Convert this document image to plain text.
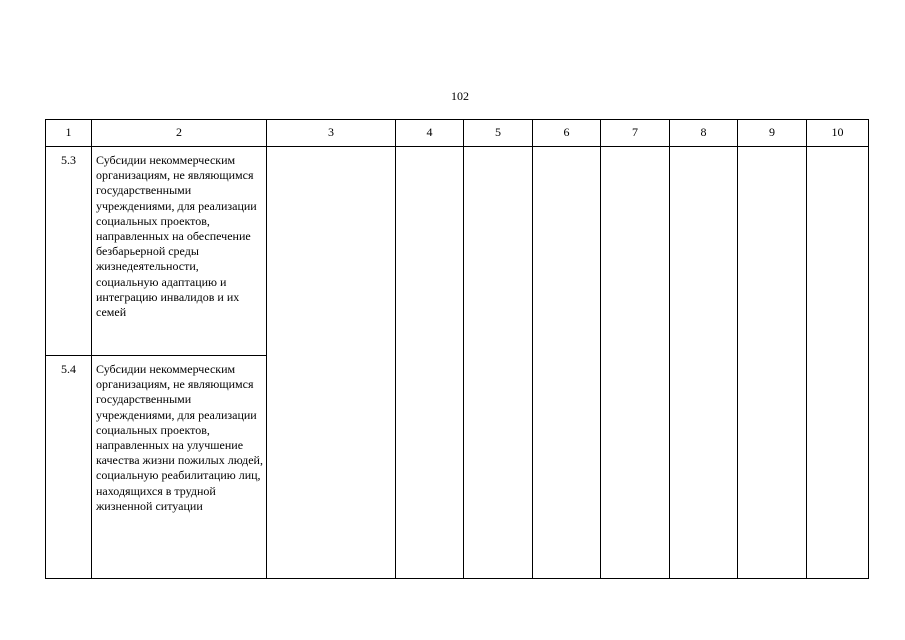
102
1	2	3	4	5	6	7	8	9	10
5.3	Субсидии некоммерческим организациям, не являющимся государственными учреждениями, для реализации социальных проектов, направленных на обеспечение безбарьерной среды жизнедеятельности, социальную адаптацию и интеграцию инвалидов и их семей								
5.4	Субсидии некоммерческим организациям, не являющимся государственными учреждениями, для реализации социальных проектов, направленных на улучшение качества жизни пожилых людей, социальную реабилитацию лиц, находящихся в трудной жизненной ситуации								
